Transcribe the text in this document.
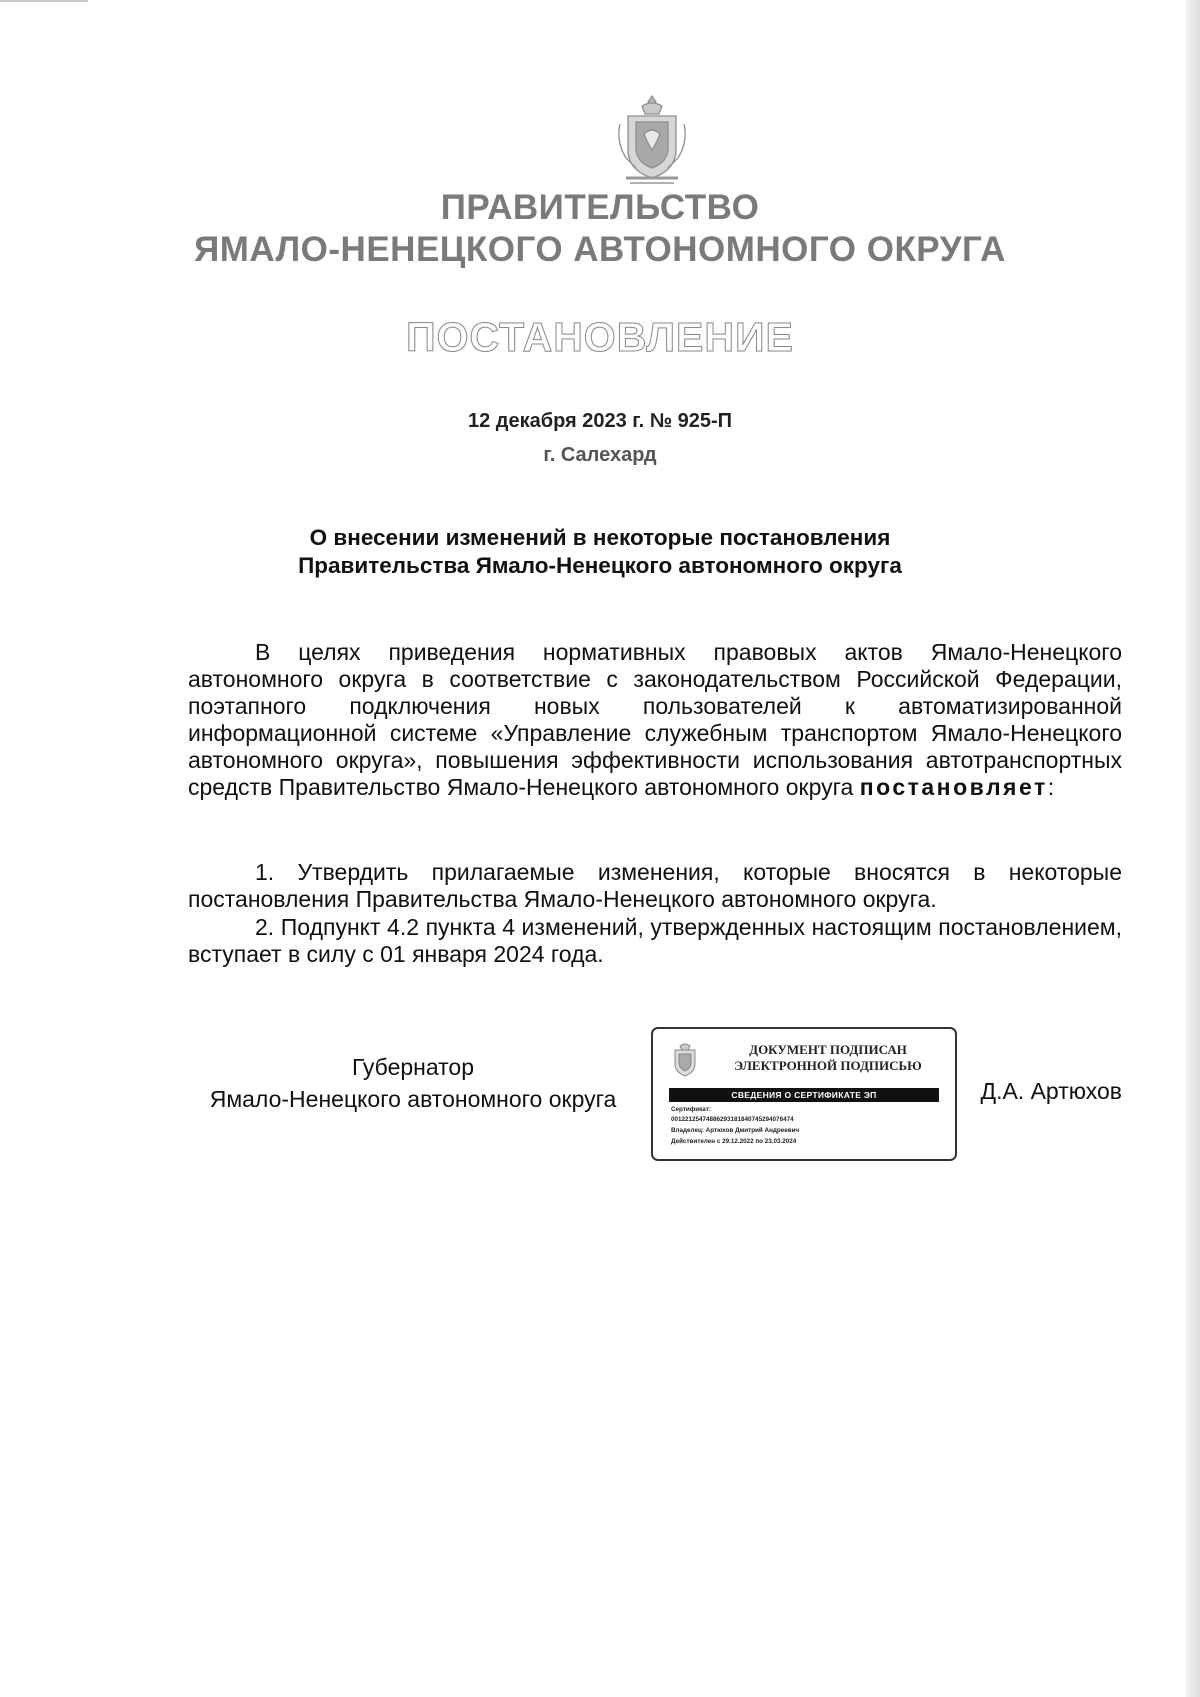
ПРАВИТЕЛЬСТВО
ЯМАЛО-НЕНЕЦКОГО АВТОНОМНОГО ОКРУГА
ПОСТАНОВЛЕНИЕ
12 декабря 2023 г. № 925-П
г. Салехард
О внесении изменений в некоторые постановления
Правительства Ямало-Ненецкого автономного округа
В целях приведения нормативных правовых актов Ямало-Ненецкого автономного округа в соответствие с законодательством Российской Федерации, поэтапного подключения новых пользователей к автоматизированной информационной системе «Управление служебным транспортом Ямало-Ненецкого автономного округа», повышения эффективности использования автотранспортных средств Правительство Ямало-Ненецкого автономного округа постановляет:
1. Утвердить прилагаемые изменения, которые вносятся в некоторые постановления Правительства Ямало-Ненецкого автономного округа.
2. Подпункт 4.2 пункта 4 изменений, утвержденных настоящим постановлением, вступает в силу с 01 января 2024 года.
Губернатор
Ямало-Ненецкого автономного округа
ДОКУМЕНТ ПОДПИСАН
ЭЛЕКТРОННОЙ ПОДПИСЬЮ
СВЕДЕНИЯ О СЕРТИФИКАТЕ ЭП
Сертификат:
00122125474886293181840745294076474
Владелец: Артюхов Дмитрий Андреевич
Действителен с 29.12.2022 по 23.03.2024
Д.А. Артюхов
